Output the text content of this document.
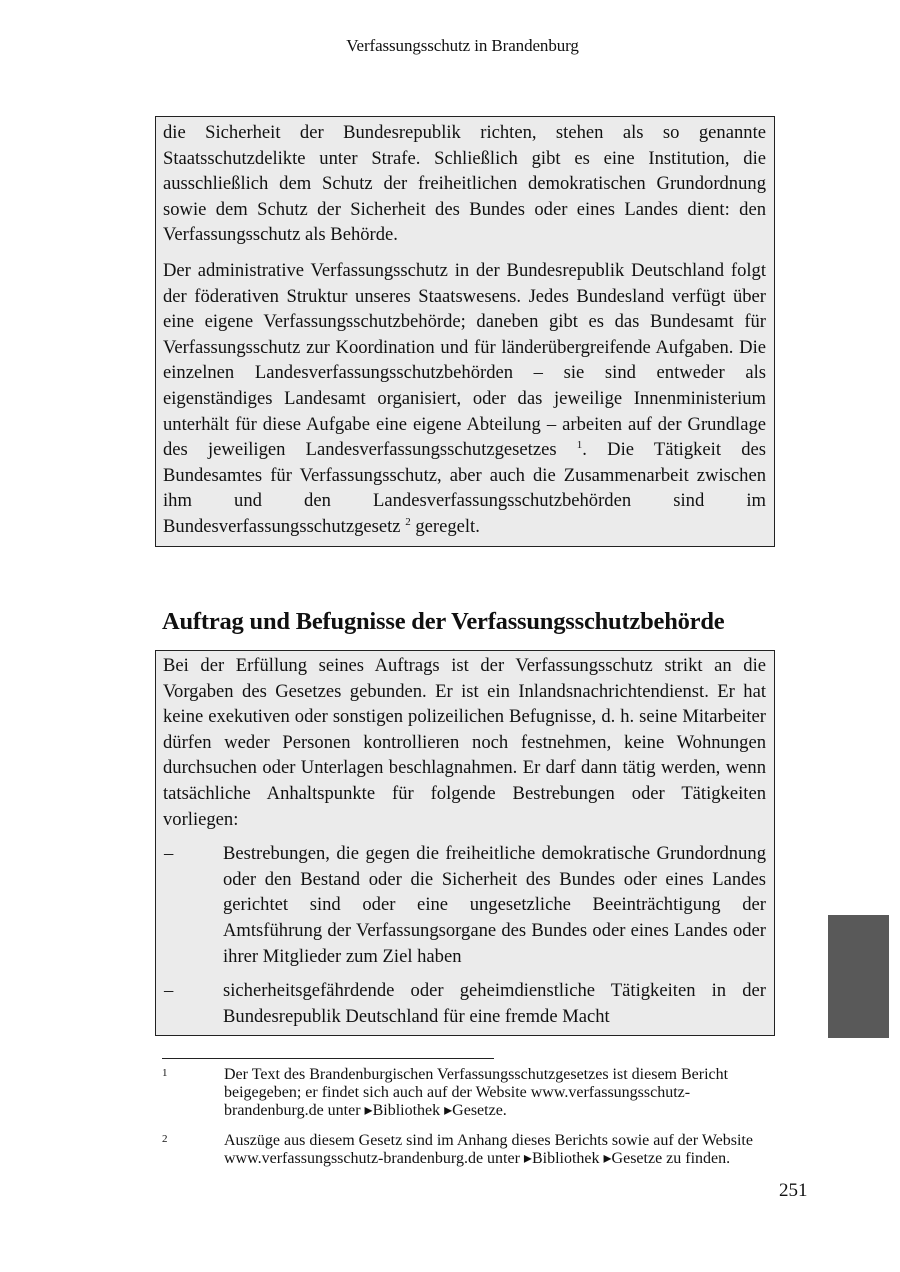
Verfassungsschutz in Brandenburg

die Sicherheit der Bundesrepublik richten, stehen als so genannte Staatsschutzdelikte unter Strafe. Schließlich gibt es eine Institution, die ausschließlich dem Schutz der freiheitlichen demokratischen Grundordnung sowie dem Schutz der Sicherheit des Bundes oder eines Landes dient: den Verfassungsschutz als Behörde.

Der administrative Verfassungsschutz in der Bundesrepublik Deutschland folgt der föderativen Struktur unseres Staatswesens. Jedes Bundesland verfügt über eine eigene Verfassungsschutzbehörde; daneben gibt es das Bundesamt für Verfassungsschutz zur Koordination und für länderübergreifende Aufgaben. Die einzelnen Landesverfassungsschutzbehörden – sie sind entweder als eigenständiges Landesamt organisiert, oder das jeweilige Innenministerium unterhält für diese Aufgabe eine eigene Abteilung – arbeiten auf der Grundlage des jeweiligen Landesverfassungsschutzgesetzes $^1$. Die Tätigkeit des Bundesamtes für Verfassungsschutz, aber auch die Zusammenarbeit zwischen ihm und den Landesverfassungsschutzbehörden sind im Bundesverfassungsschutzgesetz $^2$ geregelt.

Auftrag und Befugnisse der Verfassungsschutzbehörde

Bei der Erfüllung seines Auftrags ist der Verfassungsschutz strikt an die Vorgaben des Gesetzes gebunden. Er ist ein Inlandsnachrichtendienst. Er hat keine exekutiven oder sonstigen polizeilichen Befugnisse, d. h. seine Mitarbeiter dürfen weder Personen kontrollieren noch festnehmen, keine Wohnungen durchsuchen oder Unterlagen beschlagnahmen. Er darf dann tätig werden, wenn tatsächliche Anhaltspunkte für folgende Bestrebungen oder Tätigkeiten vorliegen:

–	Bestrebungen, die gegen die freiheitliche demokratische Grundordnung oder den Bestand oder die Sicherheit des Bundes oder eines Landes gerichtet sind oder eine ungesetzliche Beeinträchtigung der Amtsführung der Verfassungsorgane des Bundes oder eines Landes oder ihrer Mitglieder zum Ziel haben
–	sicherheitsgefährdende oder geheimdienstliche Tätigkeiten in der Bundesrepublik Deutschland für eine fremde Macht
1	Der Text des Brandenburgischen Verfassungsschutzgesetzes ist diesem Bericht beigegeben; er findet sich auch auf der Website www.verfassungsschutz-brandenburg.de unter ▸Bibliothek ▸Gesetze.
2	Auszüge aus diesem Gesetz sind im Anhang dieses Berichts sowie auf der Website www.verfassungsschutz-brandenburg.de unter ▸Bibliothek ▸Gesetze zu finden.
251
